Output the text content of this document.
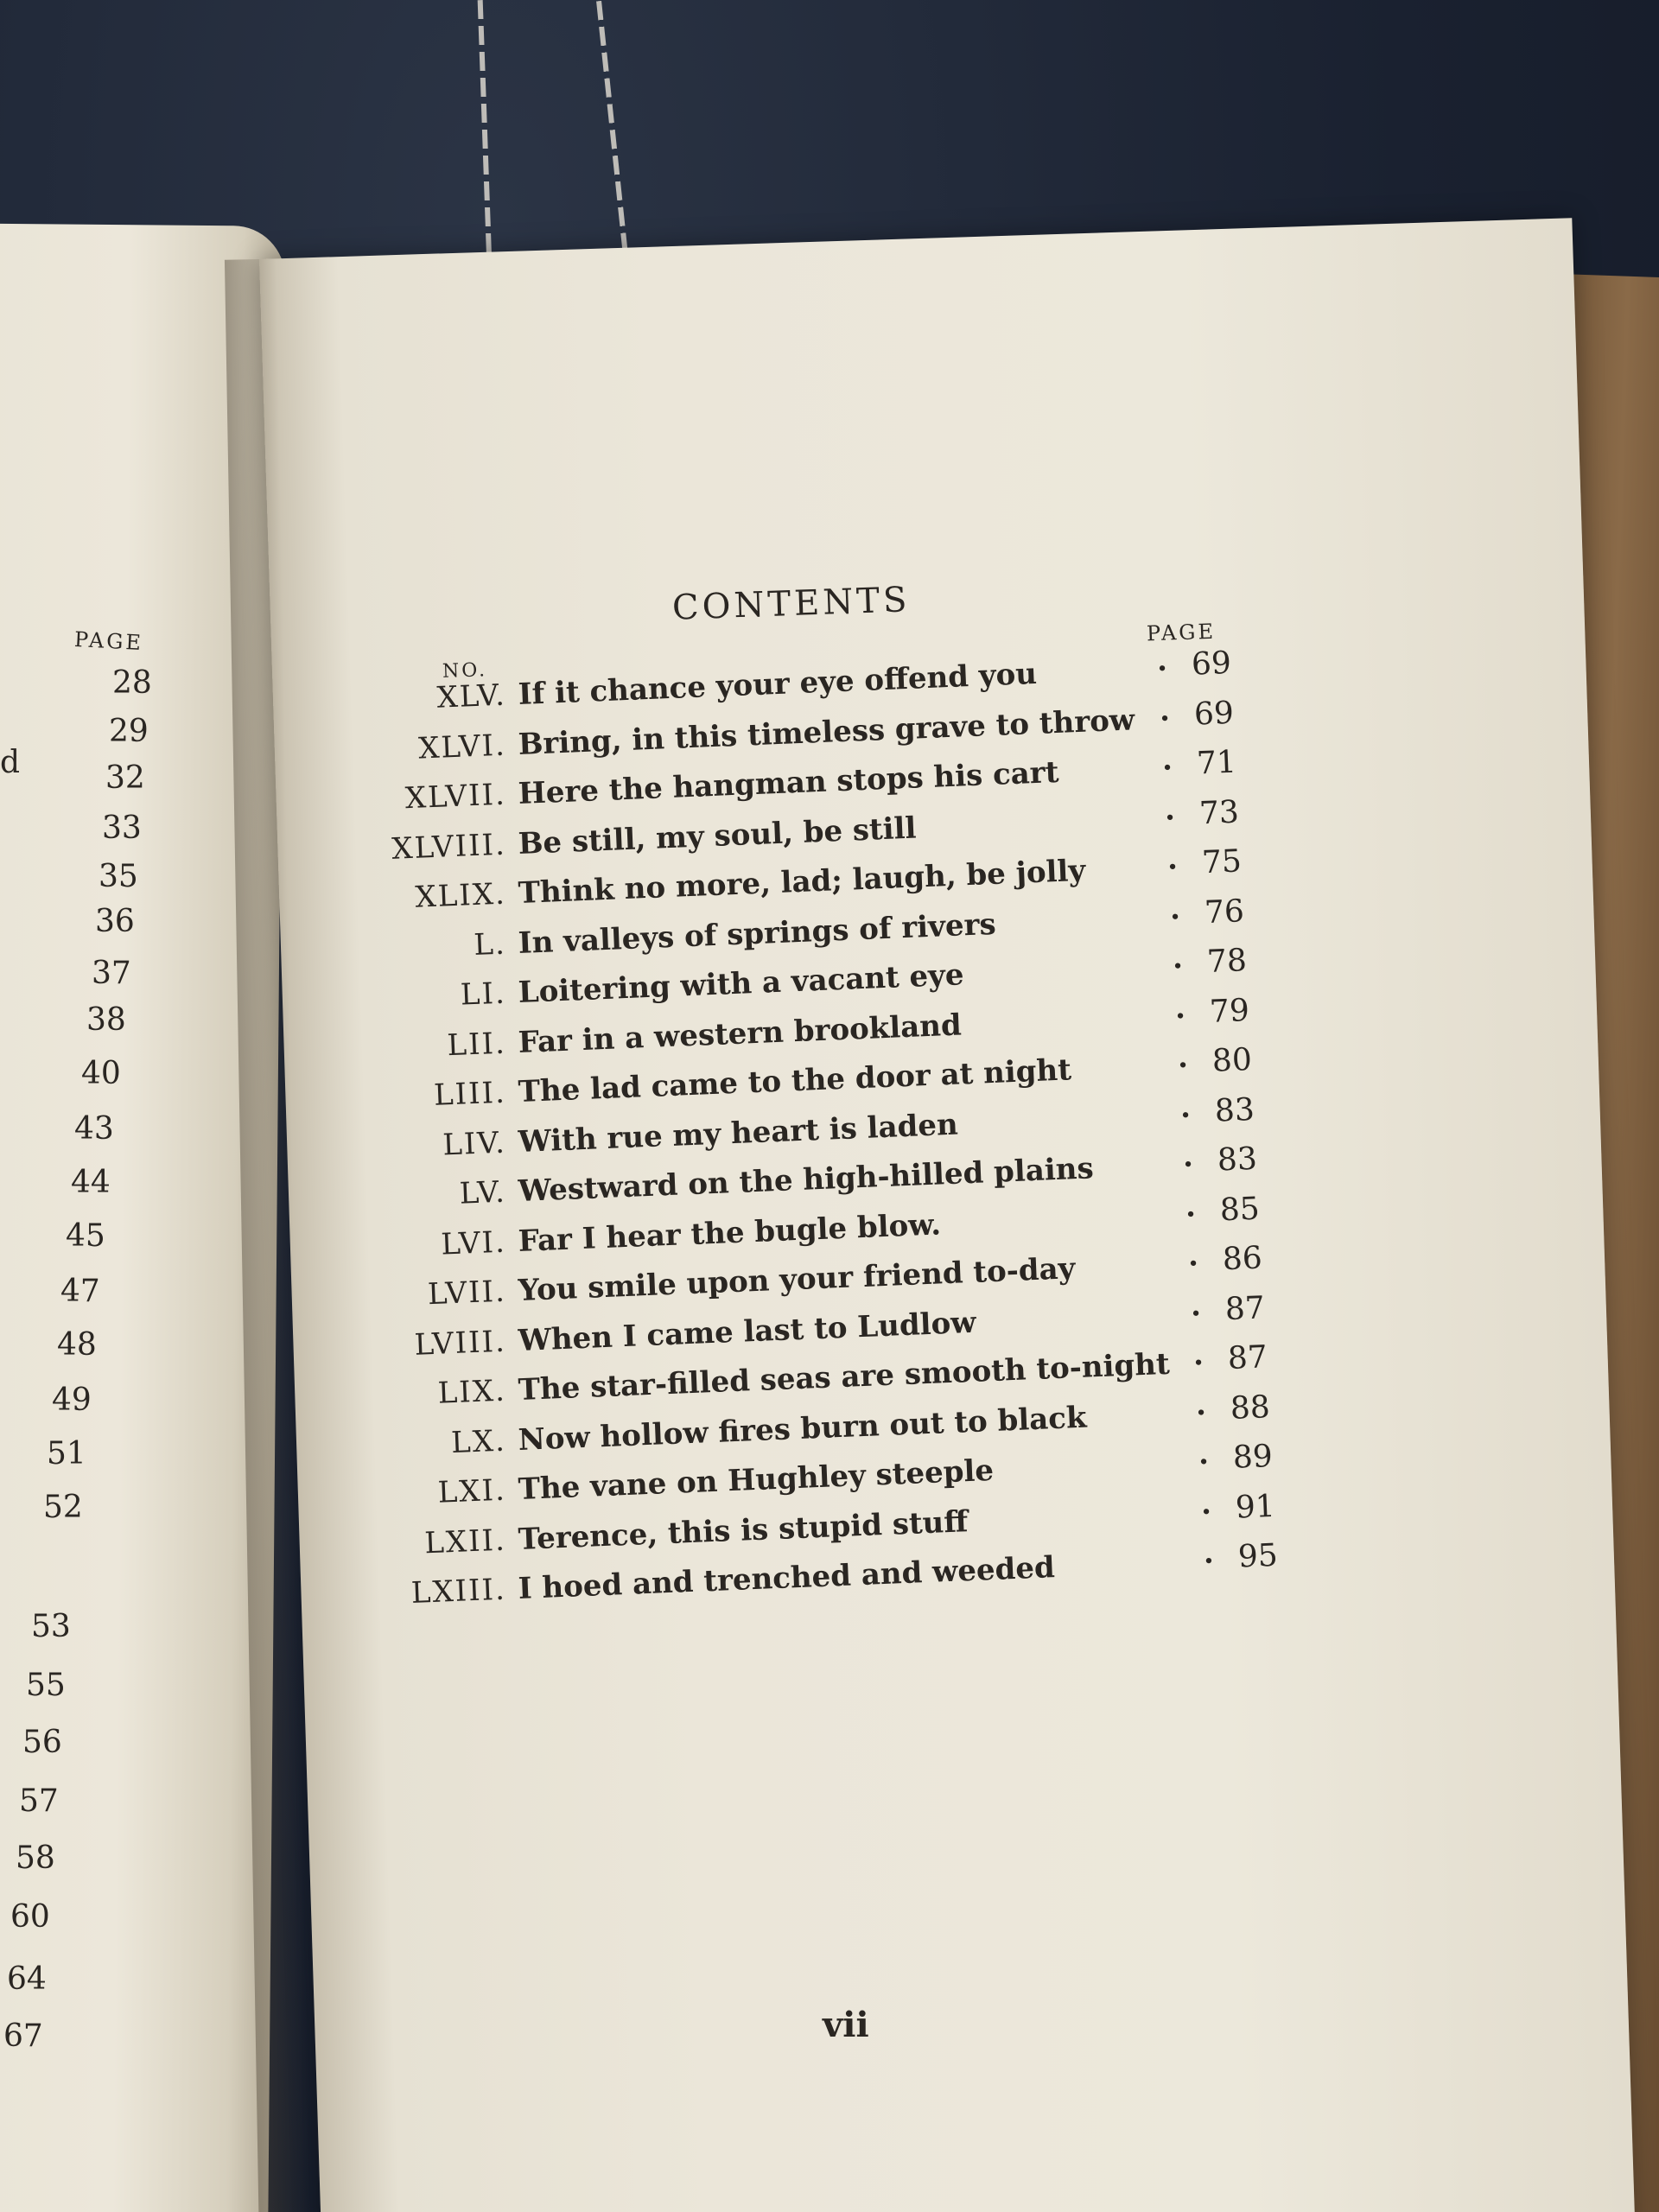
PAGE
d
28
29
32
33
35
36
37
38
40
43
44
45
47
48
49
51
52
53
55
56
57
58
60
64
67
CONTENTS
NO.
PAGE
XLV. If it chance your eye offend you	· 69
XLVI. Bring, in this timeless grave to throw · 69
XLVII. Here the hangman stops his cart	· 71
XLVIII. Be still, my soul, be still	· 73
XLIX. Think no more, lad; laugh, be jolly	· 75
L. In valleys of springs of rivers	· 76
LI. Loitering with a vacant eye	· 78
LII. Far in a western brookland	· 79
LIII. The lad came to the door at night	· 80
LIV. With rue my heart is laden	· 83
LV. Westward on the high-hilled plains	· 83
LVI. Far I hear the bugle blow.	· 85
LVII. You smile upon your friend to-day	· 86
LVIII. When I came last to Ludlow	· 87
LIX. The star-filled seas are smooth to-night · 87
LX. Now hollow fires burn out to black	· 88
LXI. The vane on Hughley steeple	· 89
LXII. Terence, this is stupid stuff	· 91
LXIII. I hoed and trenched and weeded	· 95
vii
